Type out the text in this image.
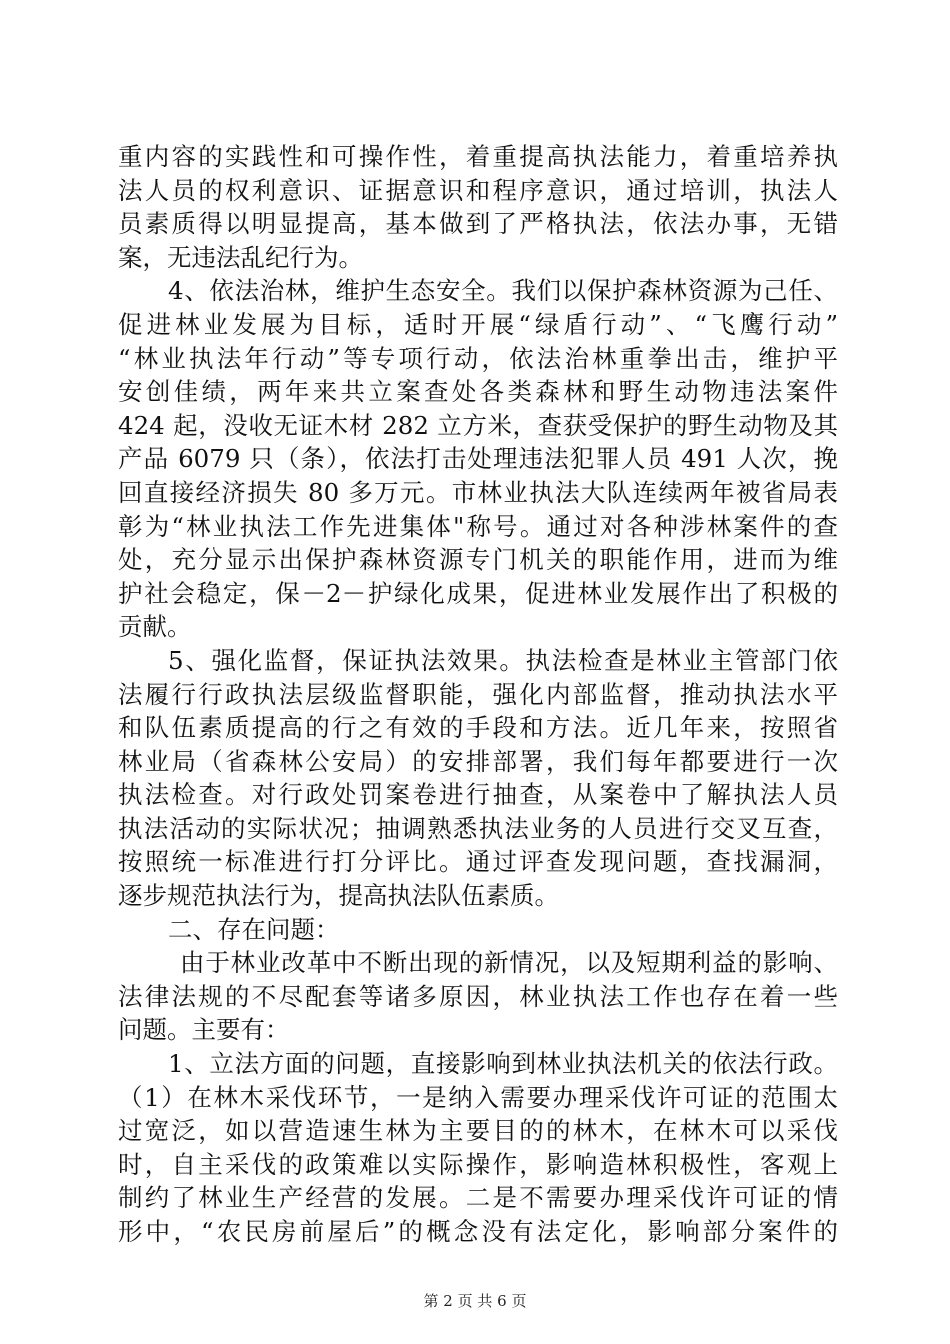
重内容的实践性和可操作性，着重提高执法能力，着重培养执
法人员的权利意识、证据意识和程序意识，通过培训，执法人
员素质得以明显提高，基本做到了严格执法，依法办事，无错
案，无违法乱纪行为。
4、依法治林，维护生态安全。我们以保护森林资源为己任、
促进林业发展为目标，适时开展“绿盾行动”、“飞鹰行动”
“林业执法年行动”等专项行动，依法治林重拳出击，维护平
安创佳绩，两年来共立案查处各类森林和野生动物违法案件
424 起，没收无证木材 282 立方米，查获受保护的野生动物及其
产品 6079 只（条），依法打击处理违法犯罪人员 491 人次，挽
回直接经济损失 80 多万元。市林业执法大队连续两年被省局表
彰为“林业执法工作先进集体"称号。通过对各种涉林案件的查
处，充分显示出保护森林资源专门机关的职能作用，进而为维
护社会稳定，保－2－护绿化成果，促进林业发展作出了积极的
贡献。
5、强化监督，保证执法效果。执法检查是林业主管部门依
法履行行政执法层级监督职能，强化内部监督，推动执法水平
和队伍素质提高的行之有效的手段和方法。近几年来，按照省
林业局（省森林公安局）的安排部署，我们每年都要进行一次
执法检查。对行政处罚案卷进行抽查，从案卷中了解执法人员
执法活动的实际状况；抽调熟悉执法业务的人员进行交叉互查，
按照统一标准进行打分评比。通过评查发现问题，查找漏洞，
逐步规范执法行为，提高执法队伍素质。
二、存在问题：
由于林业改革中不断出现的新情况，以及短期利益的影响、
法律法规的不尽配套等诸多原因，林业执法工作也存在着一些
问题。主要有：
1、立法方面的问题，直接影响到林业执法机关的依法行政。
（1）在林木采伐环节，一是纳入需要办理采伐许可证的范围太
过宽泛，如以营造速生林为主要目的的林木，在林木可以采伐
时，自主采伐的政策难以实际操作，影响造林积极性，客观上
制约了林业生产经营的发展。二是不需要办理采伐许可证的情
形中，“农民房前屋后”的概念没有法定化，影响部分案件的
第 2 页 共 6 页
